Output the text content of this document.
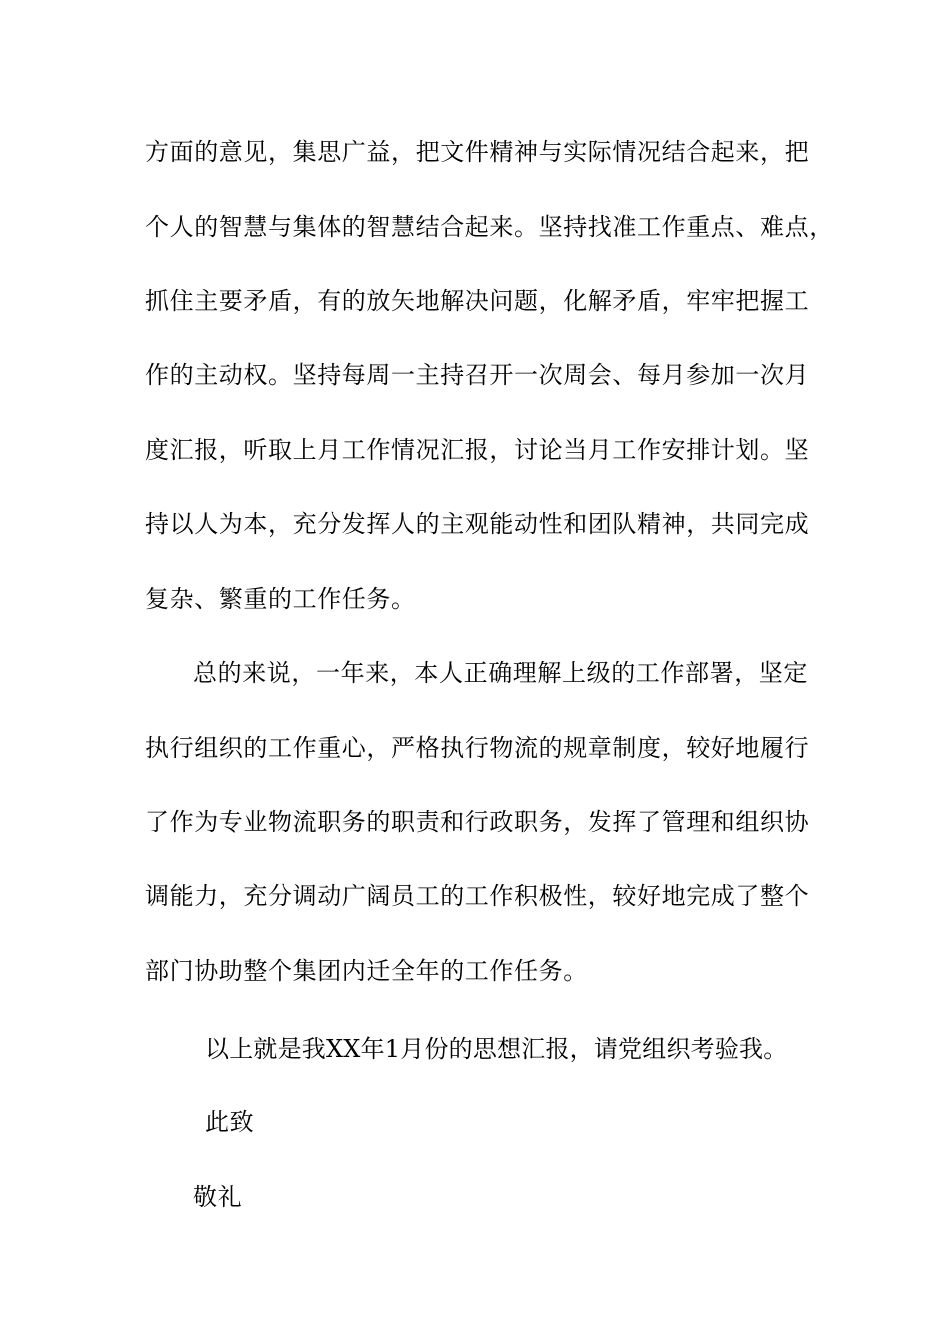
方面的意见，集思广益，把文件精神与实际情况结合起来，把
个人的智慧与集体的智慧结合起来。坚持找准工作重点、难点，
抓住主要矛盾，有的放矢地解决问题，化解矛盾，牢牢把握工
作的主动权。坚持每周一主持召开一次周会、每月参加一次月
度汇报，听取上月工作情况汇报，讨论当月工作安排计划。坚
持以人为本，充分发挥人的主观能动性和团队精神，共同完成
复杂、繁重的工作任务。
总的来说，一年来，本人正确理解上级的工作部署，坚定
执行组织的工作重心，严格执行物流的规章制度，较好地履行
了作为专业物流职务的职责和行政职务，发挥了管理和组织协
调能力，充分调动广阔员工的工作积极性，较好地完成了整个
部门协助整个集团内迁全年的工作任务。
以上就是我XX年1月份的思想汇报，请党组织考验我。
此致
敬礼
